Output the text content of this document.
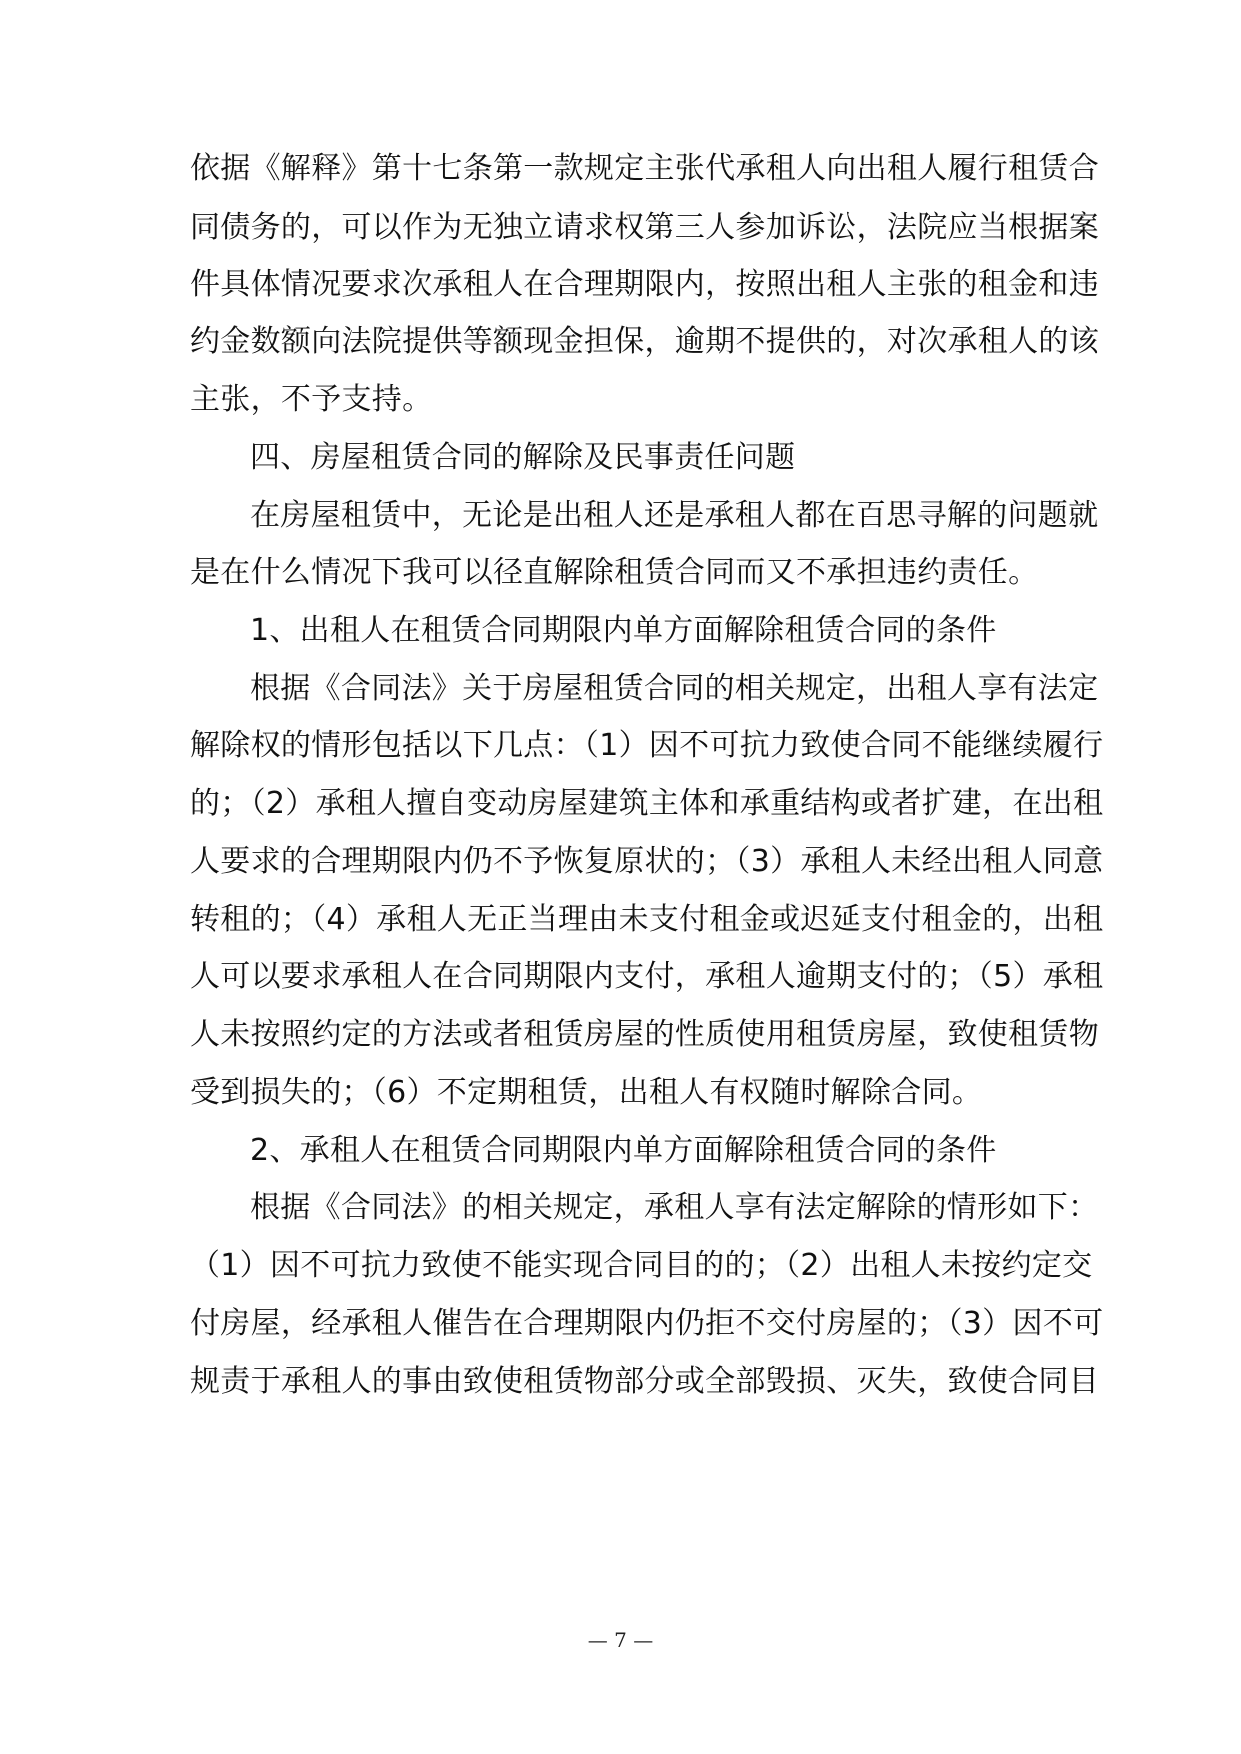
依据《解释》第十七条第一款规定主张代承租人向出租人履行租赁合
同债务的，可以作为无独立请求权第三人参加诉讼，法院应当根据案
件具体情况要求次承租人在合理期限内，按照出租人主张的租金和违
约金数额向法院提供等额现金担保，逾期不提供的，对次承租人的该
主张，不予支持。
四、房屋租赁合同的解除及民事责任问题
在房屋租赁中，无论是出租人还是承租人都在百思寻解的问题就
是在什么情况下我可以径直解除租赁合同而又不承担违约责任。
1、出租人在租赁合同期限内单方面解除租赁合同的条件
根据《合同法》关于房屋租赁合同的相关规定，出租人享有法定
解除权的情形包括以下几点：（1）因不可抗力致使合同不能继续履行
的；（2）承租人擅自变动房屋建筑主体和承重结构或者扩建，在出租
人要求的合理期限内仍不予恢复原状的；（3）承租人未经出租人同意
转租的；（4）承租人无正当理由未支付租金或迟延支付租金的，出租
人可以要求承租人在合同期限内支付，承租人逾期支付的；（5）承租
人未按照约定的方法或者租赁房屋的性质使用租赁房屋，致使租赁物
受到损失的；（6）不定期租赁，出租人有权随时解除合同。
2、承租人在租赁合同期限内单方面解除租赁合同的条件
根据《合同法》的相关规定，承租人享有法定解除的情形如下：
（1）因不可抗力致使不能实现合同目的的；（2）出租人未按约定交
付房屋，经承租人催告在合理期限内仍拒不交付房屋的；（3）因不可
规责于承租人的事由致使租赁物部分或全部毁损、灭失，致使合同目
— 7 —
